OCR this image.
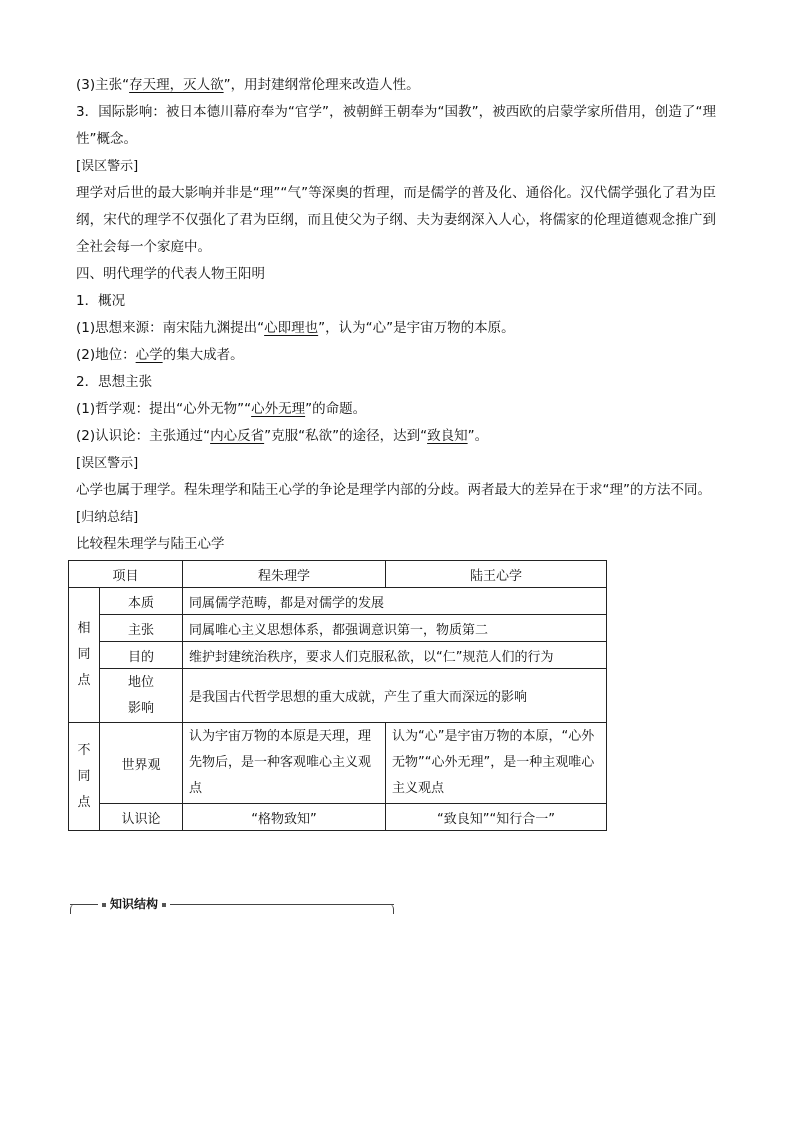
(3)主张“存天理，灭人欲”，用封建纲常伦理来改造人性。

3．国际影响：被日本德川幕府奉为“官学”，被朝鲜王朝奉为“国教”，被西欧的启蒙学家所借用，创造了“理性”概念。

[误区警示]

理学对后世的最大影响并非是“理”“气”等深奥的哲理，而是儒学的普及化、通俗化。汉代儒学强化了君为臣纲，宋代的理学不仅强化了君为臣纲，而且使父为子纲、夫为妻纲深入人心，将儒家的伦理道德观念推广到全社会每一个家庭中。

四、明代理学的代表人物王阳明

1．概况

(1)思想来源：南宋陆九渊提出“心即理也”，认为“心”是宇宙万物的本原。

(2)地位：心学的集大成者。

2．思想主张

(1)哲学观：提出“心外无物”“心外无理”的命题。

(2)认识论：主张通过“内心反省”克服“私欲”的途径，达到“致良知”。

[误区警示]

心学也属于理学。程朱理学和陆王心学的争论是理学内部的分歧。两者最大的差异在于求“理”的方法不同。

[归纳总结]

比较程朱理学与陆王心学

项目		程朱理学	陆王心学

相同点	本质	同属儒学范畴，都是对儒学的发展	
	主张	同属唯心主义思想体系，都强调意识第一，物质第二	
	目的	维护封建统治秩序，要求人们克服私欲，以“仁”规范人们的行为	

	地位影响	是我国古代哲学思想的重大成就，产生了重大而深远的影响	

不同点	世界观	认为宇宙万物的本原是天理，理先物后，是一种客观唯心主义观点	认为“心”是宇宙万物的本原，“心外无物”“心外无理”，是一种主观唯心主义观点
	认识论	“格物致知”	“致良知”“知行合一”
知识结构
